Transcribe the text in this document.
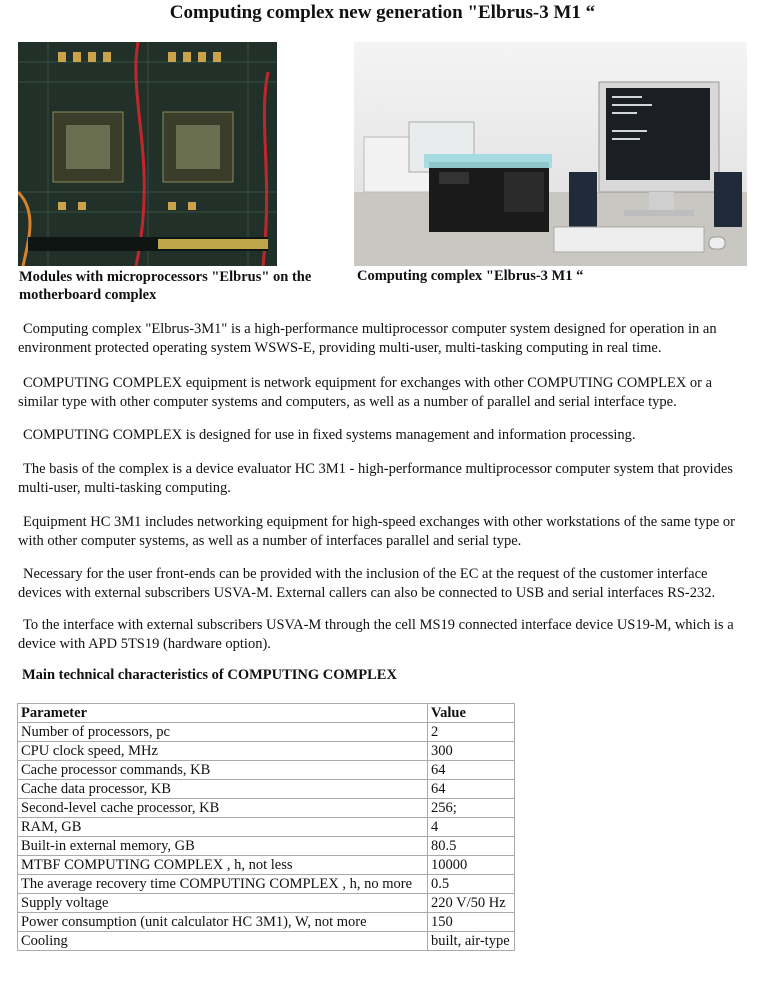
Computing complex new generation "Elbrus-3 M1 “
Modules with microprocessors "Elbrus" on the motherboard complex
Computing complex "Elbrus-3 M1 “

Computing complex "Elbrus-3M1" is a high-performance multiprocessor computer system designed for operation in an environment protected operating system WSWS-E, providing multi-user, multi-tasking computing in real time.

COMPUTING COMPLEX equipment is network equipment for exchanges with other COMPUTING COMPLEX or a similar type with other computer systems and computers, as well as a number of parallel and serial interface type.

COMPUTING COMPLEX is designed for use in fixed systems management and information processing.

The basis of the complex is a device evaluator HC 3M1 - high-performance multiprocessor computer system that provides multi-user, multi-tasking computing.

Equipment HC 3M1 includes networking equipment for high-speed exchanges with other workstations of the same type or with other computer systems, as well as a number of interfaces parallel and serial type.

Necessary for the user front-ends can be provided with the inclusion of the EC at the request of the customer interface devices with external subscribers USVA-M. External callers can also be connected to USB and serial interfaces RS-232.

To the interface with external subscribers USVA-M through the cell MS19 connected interface device US19-M, which is a device with APD 5TS19 (hardware option).

Main technical characteristics of COMPUTING COMPLEX
Parameter	Value
Number of processors, pc	2
CPU clock speed, MHz	300
Cache processor commands, KB	64
Cache data processor, KB	64
Second-level cache processor, KB	256;
RAM, GB	4
Built-in external memory, GB	80.5
MTBF COMPUTING COMPLEX , h, not less	10000
The average recovery time COMPUTING COMPLEX , h, no more	0.5
Supply voltage	220 V/50 Hz
Power consumption (unit calculator HC 3M1), W, not more	150
Cooling	built, air-type
